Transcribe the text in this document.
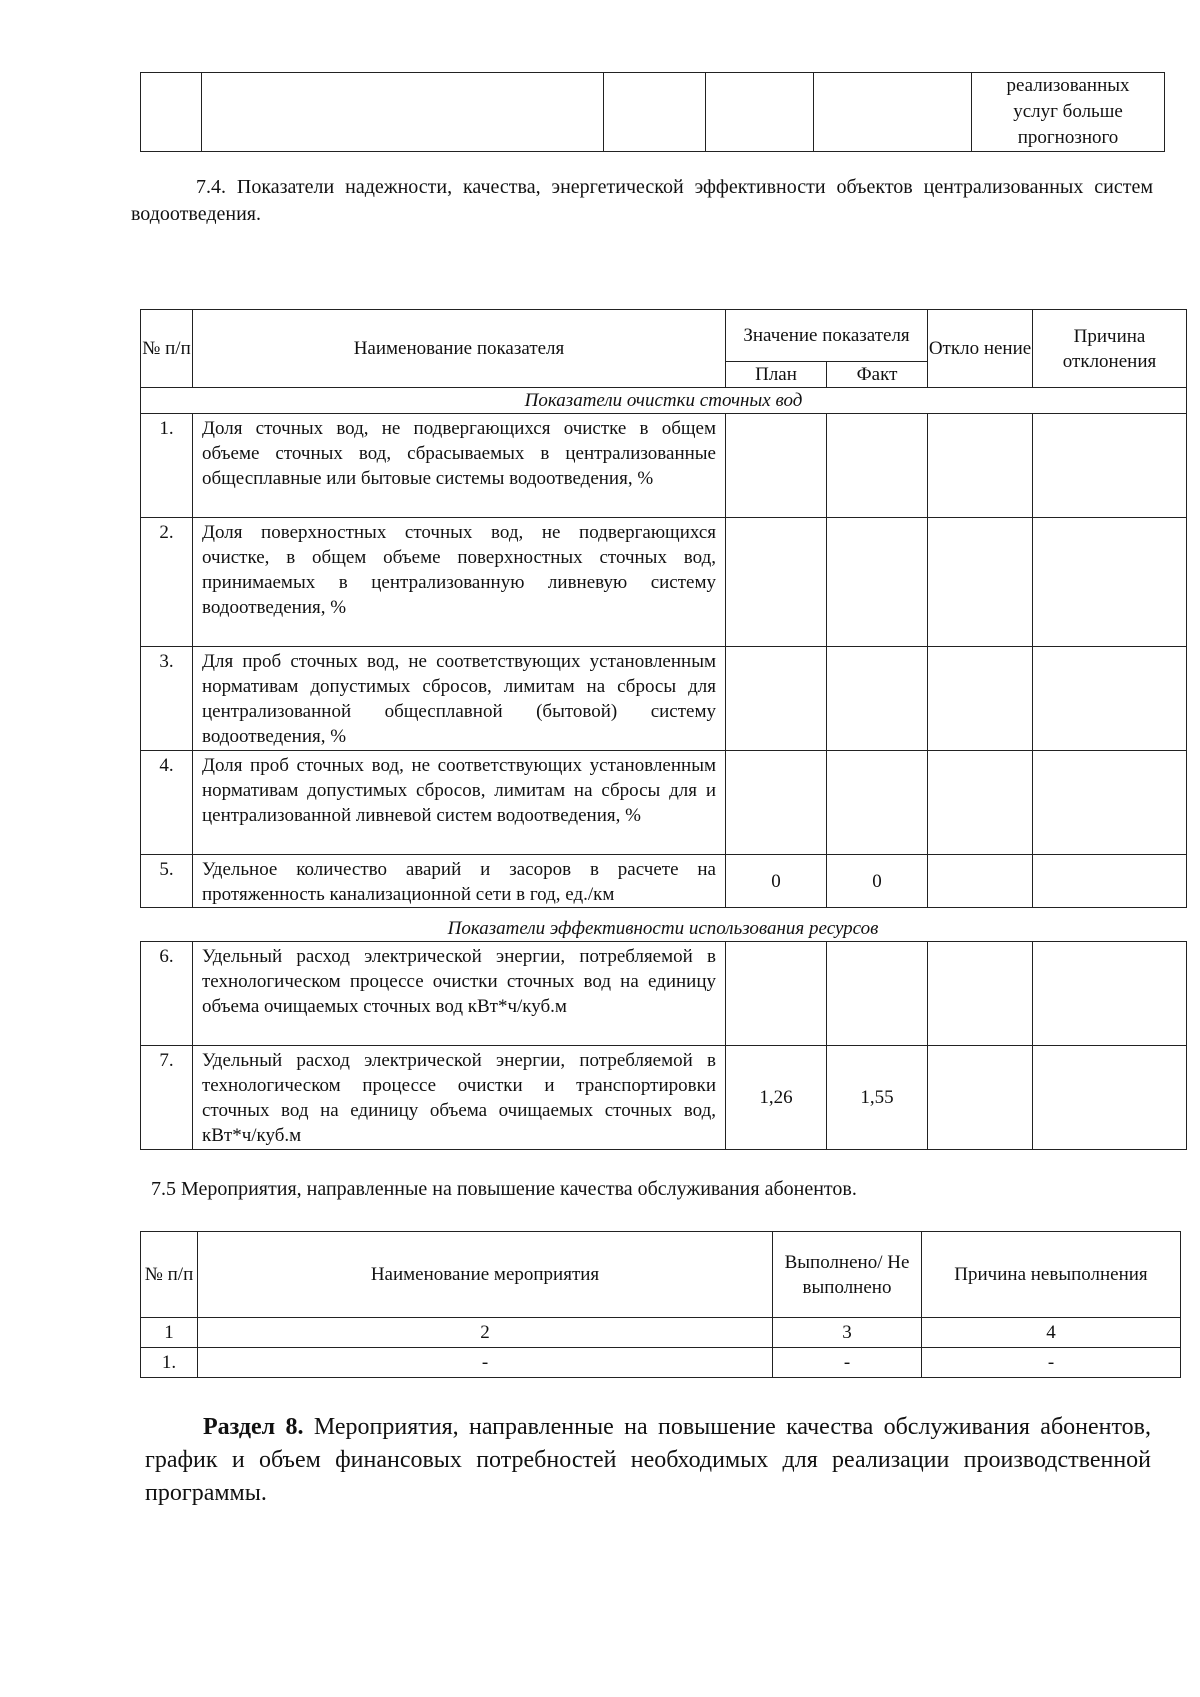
реализованных
услуг больше
прогнозного
7.4. Показатели надежности, качества, энергетической эффективности объектов централизованных систем водоотведения.
№ п/п	Наименование показателя	Значение показателя		Откло нение	Причина отклонения
		План	Факт		
Показатели очистки сточных вод					
1.	Доля сточных вод, не подвергающихся очистке в общем объеме сточных вод, сбрасываемых в централизованные общесплавные или бытовые системы водоотведения, %				
2.	Доля поверхностных сточных вод, не подвергающихся очистке, в общем объеме поверхностных сточных вод, принимаемых в централизованную ливневую систему водоотведения, %				
3.	Для проб сточных вод, не соответствующих установленным нормативам допустимых сбросов, лимитам на сбросы для централизованной общесплавной (бытовой) систему водоотведения, %				
4.	Доля проб сточных вод, не соответствующих установленным нормативам допустимых сбросов, лимитам на сбросы для и централизованной ливневой систем водоотведения, %				
5.	Удельное количество аварий и засоров в расчете на протяженность канализационной сети в год, ед./км	0	0		
Показатели эффективности использования ресурсов
6.	Удельный расход электрической энергии, потребляемой в технологическом процессе очистки сточных вод на единицу объема очищаемых сточных вод кВт*ч/куб.м				
7.	Удельный расход электрической энергии, потребляемой в технологическом процессе очистки и транспортировки сточных вод на единицу объема очищаемых сточных вод, кВт*ч/куб.м	1,26	1,55		
7.5 Мероприятия, направленные на повышение качества обслуживания абонентов.
№ п/п	Наименование мероприятия	Выполнено/ Не выполнено	Причина невыполнения
1	2	3	4
1.	-	-	-
Раздел 8. Мероприятия, направленные на повышение качества обслуживания абонентов, график и объем финансовых потребностей необходимых для реализации производственной программы.
